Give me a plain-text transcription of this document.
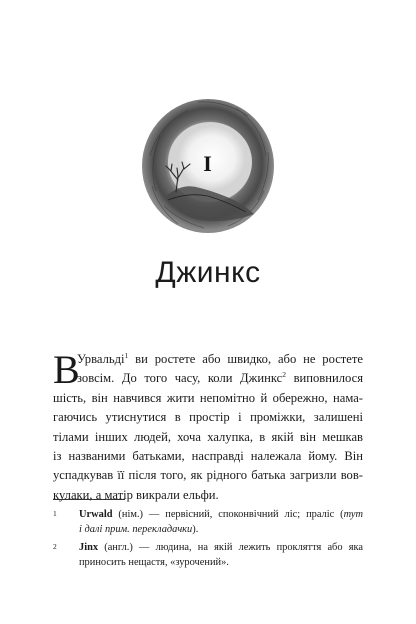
I
Джинкс
В
Урвальді$^1$ ви ростете або швидко, або не ростете
зовсім. До того часу, коли Джинкс$^2$ виповнилося
шість, він навчився жити непомітно й обережно, нама-
гаючись утиснутися в простір і проміжки, залишені
тілами інших людей, хоча халупка, в якій він мешкав
із названими батьками, насправді належала йому. Він
успадкував її після того, як рідного батька загризли вов-
кулаки, а матір викрали ельфи.
1 Urwald (нім.) — первісний, споконвічний ліс; праліс (тут
і далі прим. перекладачки).
2 Jinx (англ.) — людина, на якій лежить прокляття або яка
приносить нещастя, «зурочений».
